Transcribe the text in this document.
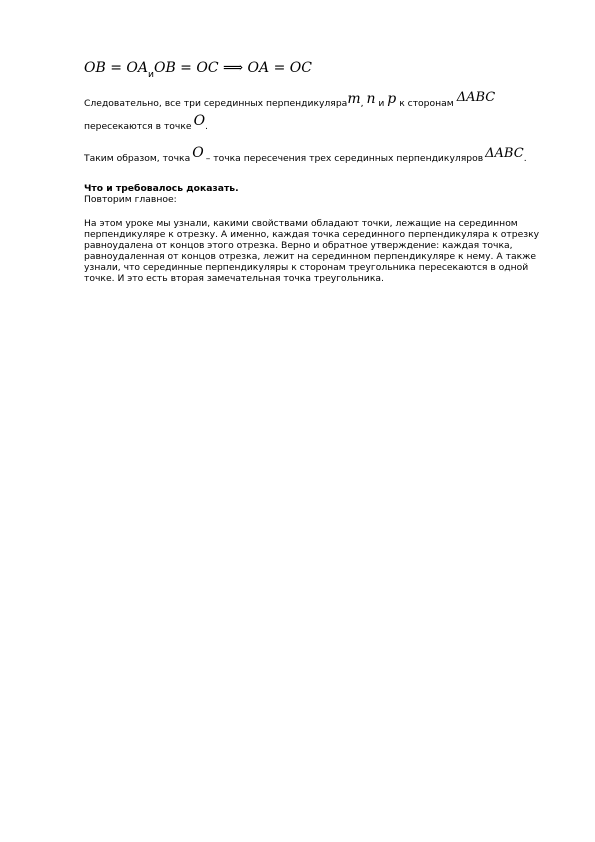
OB = $OA_иOB$ = OC ⟹ OA = OC
Следовательно, все три серединных перпендикуляраm, n и p к сторонам ΔABC
пересекаются в точке O.
Таким образом, точка O – точка пересечения трех серединных перпендикуляров ΔABC.
Что и требовалось доказать.
Повторим главное:

На этом уроке мы узнали, какими свойствами обладают точки, лежащие на серединном перпендикуляре к отрезку. А именно, каждая точка серединного перпендикуляра к отрезку равноудалена от концов этого отрезка. Верно и обратное утверждение: каждая точка, равноудаленная от концов отрезка, лежит на серединном перпендикуляре к нему. А также узнали, что серединные перпендикуляры к сторонам треугольника пересекаются в одной точке. И это есть вторая замечательная точка треугольника.
